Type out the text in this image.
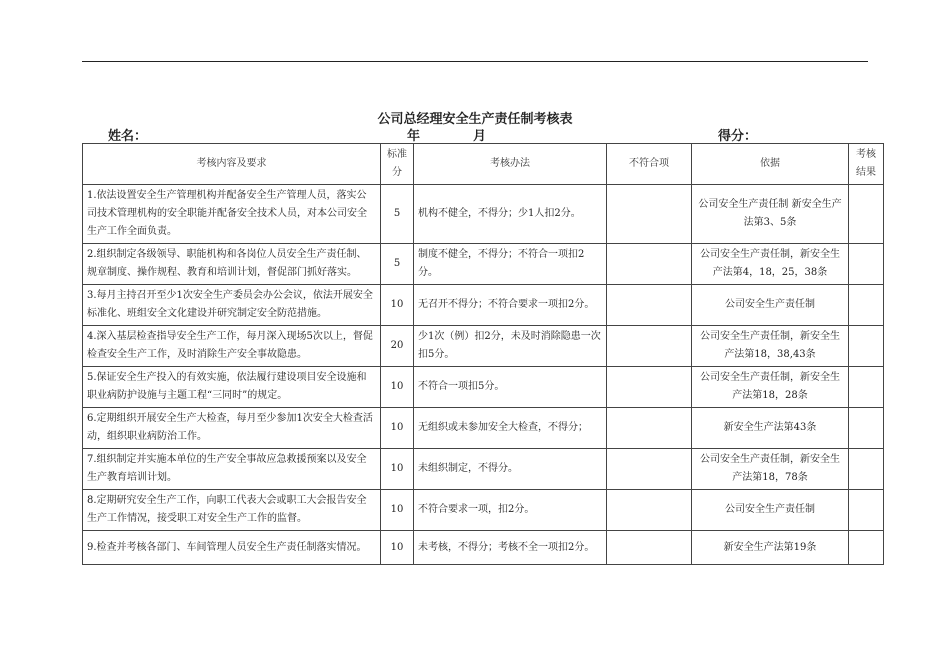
公司总经理安全生产责任制考核表
姓名：	年	月	得分：
考核内容及要求	标准分	考核办法	不符合项	依据	考核结果
1.依法设置安全生产管理机构并配备安全生产管理人员，落实公司技术管理机构的安全职能并配备安全技术人员，对本公司安全生产工作全面负责。	5	机构不健全，不得分；少1人扣2分。		公司安全生产责任制 新安全生产法第3、5条	
2.组织制定各级领导、职能机构和各岗位人员安全生产责任制、规章制度、操作规程、教育和培训计划，督促部门抓好落实。	5	制度不健全，不得分；不符合一项扣2分。		公司安全生产责任制，新安全生产法第4，18，25，38条	
3.每月主持召开至少1次安全生产委员会办公会议，依法开展安全标准化、班组安全文化建设并研究制定安全防范措施。	10	无召开不得分；不符合要求一项扣2分。		公司安全生产责任制	
4.深入基层检查指导安全生产工作，每月深入现场5次以上，督促检查安全生产工作，及时消除生产安全事故隐患。	20	少1次（例）扣2分，未及时消除隐患一次扣5分。		公司安全生产责任制，新安全生产法第18，38,43条	
5.保证安全生产投入的有效实施，依法履行建设项目安全设施和职业病防护设施与主题工程“三同时”的规定。	10	不符合一项扣5分。		公司安全生产责任制，新安全生产法第18，28条	
6.定期组织开展安全生产大检查，每月至少参加1次安全大检查活动，组织职业病防治工作。	10	无组织或未参加安全大检查，不得分；		新安全生产法第43条	
7.组织制定并实施本单位的生产安全事故应急救援预案以及安全生产教育培训计划。	10	未组织制定，不得分。		公司安全生产责任制，新安全生产法第18，78条	
8.定期研究安全生产工作，向职工代表大会或职工大会报告安全生产工作情况，接受职工对安全生产工作的监督。	10	不符合要求一项，扣2分。		公司安全生产责任制	
9.检查并考核各部门、车间管理人员安全生产责任制落实情况。	10	未考核，不得分；考核不全一项扣2分。		新安全生产法第19条	
